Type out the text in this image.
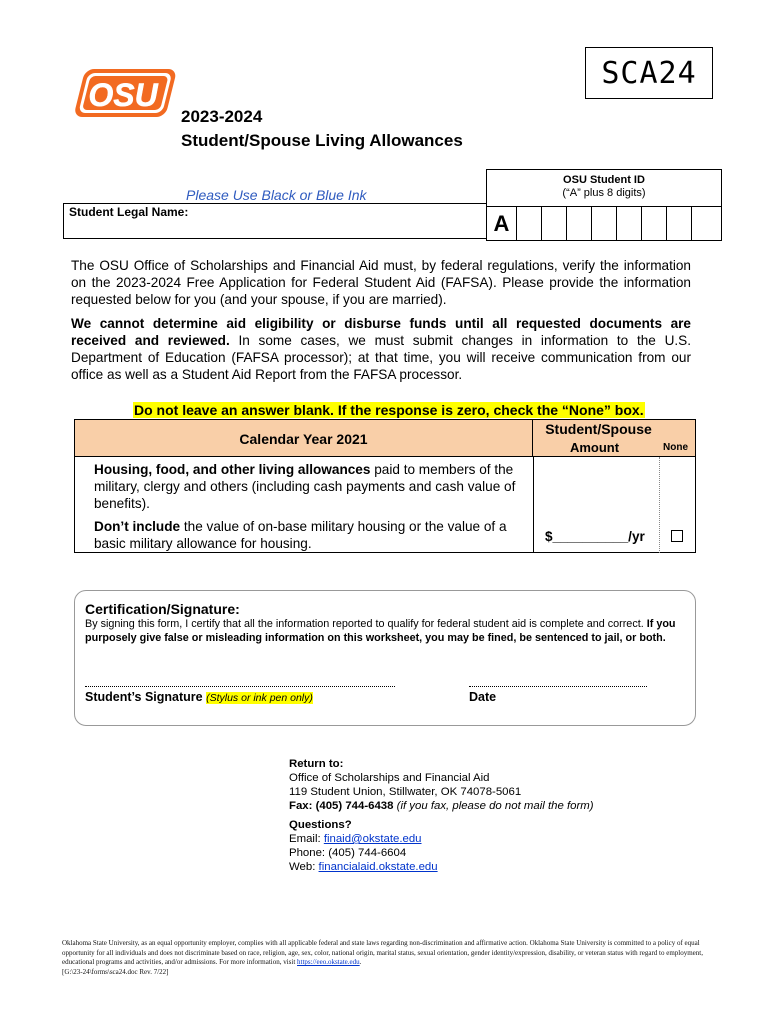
OSU
SCA24
2023-2024
Student/Spouse Living Allowances
OSU Student ID
(“A” plus 8 digits)
A
Please Use Black or Blue Ink
Student Legal Name:
The OSU Office of Scholarships and Financial Aid must, by federal regulations, verify the information on the 2023-2024 Free Application for Federal Student Aid (FAFSA). Please provide the information requested below for you (and your spouse, if you are married).
We cannot determine aid eligibility or disburse funds until all requested documents are received and reviewed. In some cases, we must submit changes in information to the U.S. Department of Education (FAFSA processor); at that time, you will receive communication from our office as well as a Student Aid Report from the FAFSA processor.
Do not leave an answer blank. If the response is zero, check the “None” box.
Calendar Year 2021
Student/Spouse
Amount	None
Housing, food, and other living allowances paid to members of the military, clergy and others (including cash payments and cash value of benefits).
Don’t include the value of on-base military housing or the value of a basic military allowance for housing.	$__________/yr
Certification/Signature:
By signing this form, I certify that all the information reported to qualify for federal student aid is complete and correct. If you purposely give false or misleading information on this worksheet, you may be fined, be sentenced to jail, or both.
Student’s Signature (Stylus or ink pen only)	Date
Return to:
Office of Scholarships and Financial Aid
119 Student Union, Stillwater, OK 74078-5061
Fax: (405) 744-6438 (if you fax, please do not mail the form)
Questions?
Email: finaid@okstate.edu
Phone: (405) 744-6604
Web: financialaid.okstate.edu
Oklahoma State University, as an equal opportunity employer, complies with all applicable federal and state laws regarding non-discrimination and affirmative action. Oklahoma State University is committed to a policy of equal opportunity for all individuals and does not discriminate based on race, religion, age, sex, color, national origin, marital status, sexual orientation, gender identity/expression, disability, or veteran status with regard to employment, educational programs and activities, and/or admissions. For more information, visit https://eeo.okstate.edu.
[G:\23-24\forms\sca24.doc Rev. 7/22]
